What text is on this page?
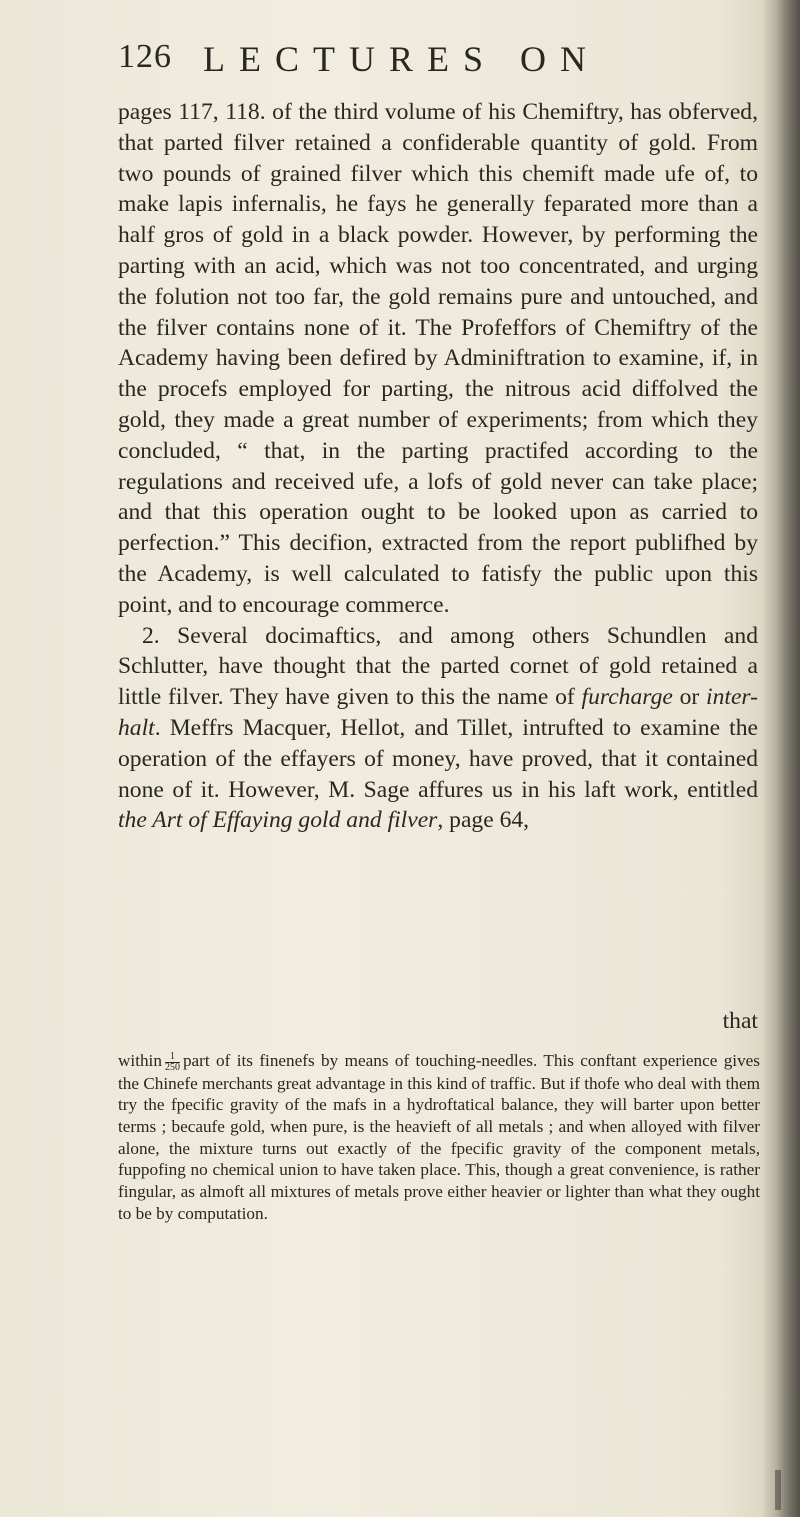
126 LECTURES ON
pages 117, 118. of the third volume of his Chemiftry, has obferved, that parted filver retained a confiderable quantity of gold. From two pounds of grained filver which this chemift made ufe of, to make lapis infernalis, he fays he generally feparated more than a half gros of gold in a black powder. However, by performing the parting with an acid, which was not too concentrated, and urging the folution not too far, the gold remains pure and untouched, and the filver contains none of it. The Profeffors of Chemiftry of the Academy having been defired by Adminiftration to examine, if, in the procefs employed for parting, the nitrous acid diffolved the gold, they made a great number of experiments; from which they concluded, “ that, in the parting practifed according to the regulations and received ufe, a lofs of gold never can take place; and that this operation ought to be looked upon as carried to perfection.” This decifion, extracted from the report publifhed by the Academy, is well calculated to fatisfy the public upon this point, and to encourage commerce.
2. Several docimaftics, and among others Schundlen and Schlutter, have thought that the parted cornet of gold retained a little filver. They have given to this the name of furcharge or inter-halt. Meffrs Macquer, Hellot, and Tillet, intrufted to examine the operation of the effayers of money, have proved, that it contained none of it. However, M. Sage affures us in his laft work, entitled the Art of Effaying gold and filver, page 64,
that
within $\frac{1}{250}$ part of its finenefs by means of touching-needles. This conftant experience gives the Chinefe merchants great advantage in this kind of traffic. But if thofe who deal with them try the fpecific gravity of the mafs in a hydroftatical balance, they will barter upon better terms ; becaufe gold, when pure, is the heavieft of all metals ; and when alloyed with filver alone, the mixture turns out exactly of the fpecific gravity of the component metals, fuppofing no chemical union to have taken place. This, though a great convenience, is rather fingular, as almoft all mixtures of metals prove either heavier or lighter than what they ought to be by computation.
